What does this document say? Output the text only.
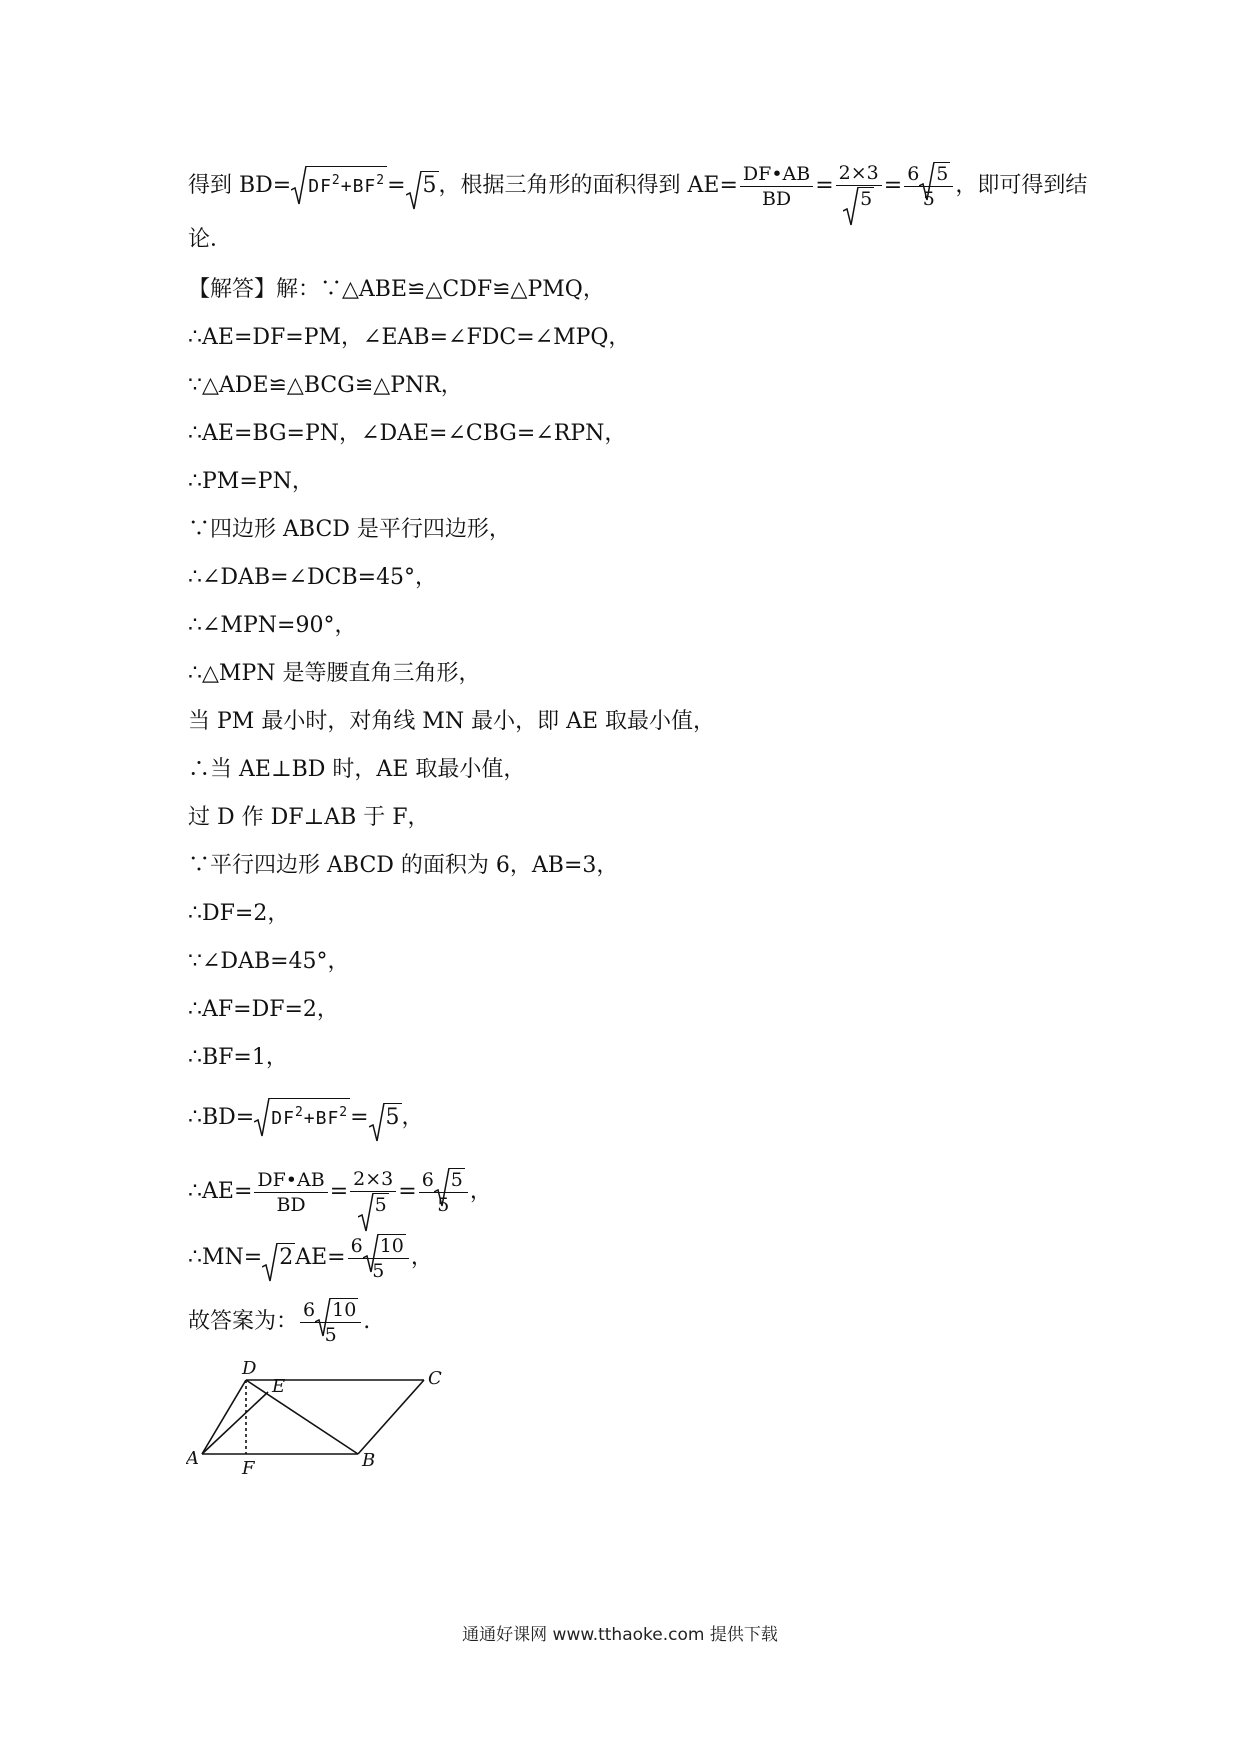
得到 $BD= DF^2+BF^2= 5$，根据三角形的面积得到 $AE= \frac{DF•AB}{BD} = \frac{2\times 3}{5} = \frac{6 5}{5}$ ，即可得到结
论．
【解答】解：∵△ABE≌△CDF≌△PMQ，
∴AE=DF=PM，∠EAB=∠FDC=∠MPQ，
∵△ADE≌△BCG≌△PNR，
∴AE=BG=PN，∠DAE=∠CBG=∠RPN，
∴PM=PN，
∵四边形 ABCD 是平行四边形，
∴∠DAB=∠DCB=45°，
∴∠MPN=90°，
∴△MPN 是等腰直角三角形，
当 PM 最小时，对角线 MN 最小，即 AE 取最小值，
∴当 AE⊥BD 时，AE 取最小值，
过 D 作 DF⊥AB 于 F，
∵平行四边形 ABCD 的面积为 6，AB=3，
∴DF=2，
∵∠DAB=45°，
∴AF=DF=2，
∴BF=1，
∴BD= $DF^2+BF^2= 5$，
∴AE= $\frac{DF•AB}{BD} = \frac{2\times 3}{5} = \frac{6 5}{5}$ ，
∴MN= $2AE= \frac{6 10}{5}$ ，
故答案为： $\frac{6 10}{5}$ .
D
E	C
A F	B
通通好课网 www.tthaoke.com 提供下载
